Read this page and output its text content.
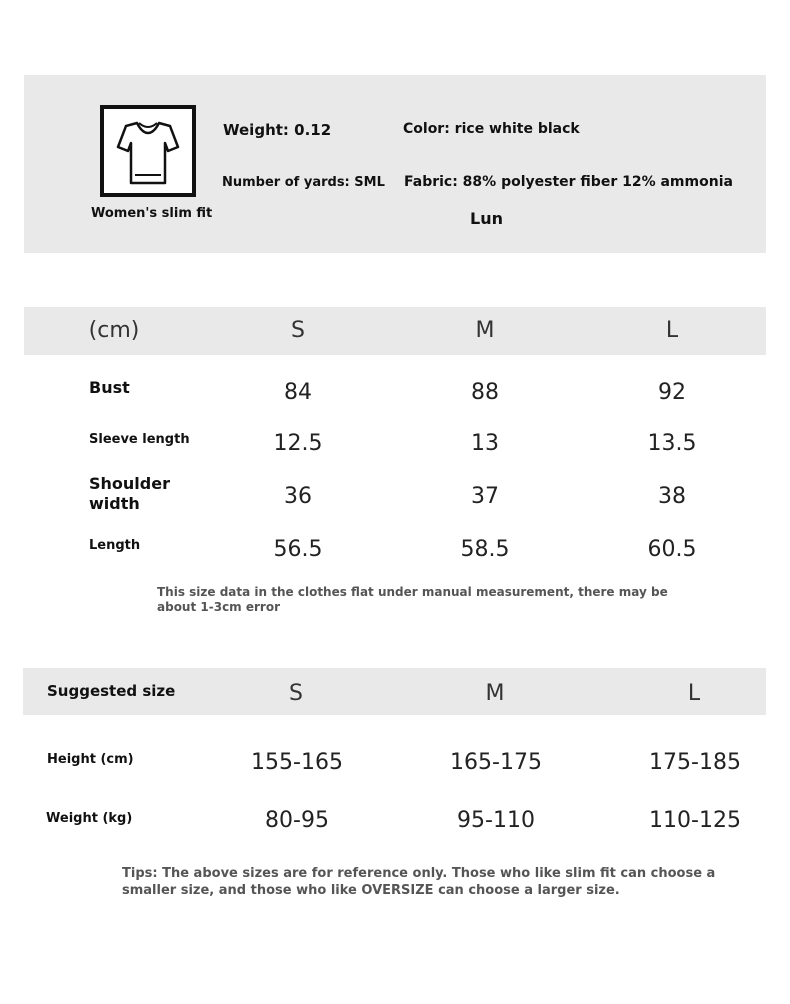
Women's slim fit
Weight: 0.12	Color: rice white black
Number of yards: SML Fabric: 88% polyester fiber 12% ammonia
Lun
(cm)	S	M	L
Bust	84	88	92
Sleeve length	12.5	13	13.5
Shoulder
width	36	37	38
Length	56.5	58.5	60.5
This size data in the clothes flat under manual measurement, there may be
about 1-3cm error
Suggested size	S	M	L
Height (cm)	155-165	165-175	175-185
Weight (kg)	80-95	95-110	110-125
Tips: The above sizes are for reference only. Those who like slim fit can choose a
smaller size, and those who like OVERSIZE can choose a larger size.
